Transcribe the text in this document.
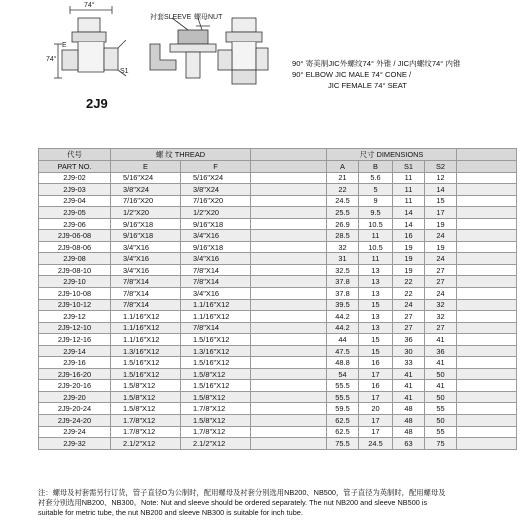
74°
74°
E
S1
衬套SLEEVE 螺母NUT
2J9
90° 寄美制JIC外螺纹74° 外锥 / JIC内螺纹74° 内锥
90° ELBOW JIC MALE 74° CONE /
JIC FEMALE 74° SEAT
代号	螺 纹 THREAD			尺寸 DIMENSIONS				
PART NO.	E	F		A	B	S1	S2	
2J9-02	5/16"X24	5/16"X24		21	5.6	11	12	
2J9-03	3/8"X24	3/8"X24		22	5	11	14	
2J9-04	7/16"X20	7/16"X20		24.5	9	11	15	
2J9-05	1/2"X20	1/2"X20		25.5	9.5	14	17	
2J9-06	9/16"X18	9/16"X18		26.9	10.5	14	19	
2J9-06-08	9/16"X18	3/4"X16		28.5	11	16	24	
2J9-08-06	3/4"X16	9/16"X18		32	10.5	19	19	
2J9-08	3/4"X16	3/4"X16		31	11	19	24	
2J9-08-10	3/4"X16	7/8"X14		32.5	13	19	27	
2J9-10	7/8"X14	7/8"X14		37.8	13	22	27	
2J9-10-08	7/8"X14	3/4"X16		37.8	13	22	24	
2J9-10-12	7/8"X14	1.1/16"X12		39.5	15	24	32	
2J9-12	1.1/16"X12	1.1/16"X12		44.2	13	27	32	
2J9-12-10	1.1/16"X12	7/8"X14		44.2	13	27	27	
2J9-12-16	1.1/16"X12	1.5/16"X12		44	15	36	41	
2J9-14	1.3/16"X12	1.3/16"X12		47.5	15	30	36	
2J9-16	1.5/16"X12	1.5/16"X12		48.8	16	33	41	
2J9-16-20	1.5/16"X12	1.5/8"X12		54	17	41	50	
2J9-20-16	1.5/8"X12	1.5/16"X12		55.5	16	41	41	
2J9-20	1.5/8"X12	1.5/8"X12		55.5	17	41	50	
2J9-20-24	1.5/8"X12	1.7/8"X12		59.5	20	48	55	
2J9-24-20	1.7/8"X12	1.5/8"X12		62.5	17	48	50	
2J9-24	1.7/8"X12	1.7/8"X12		62.5	17	48	55	
2J9-32	2.1/2"X12	2.1/2"X12		75.5	24.5	63	75	
注：螺母及衬套需另行订货，管子直径D为公制时，配用螺母及衬套分别选用NB200、NB500，管子直径为英制时，配用螺母及
衬套分别选用NB200、NB300。Note: Nut and sleeve should be ordered separately. The nut NB200 and sleeve NB500 is
suitable for metric tube, the nut NB200 and sleeve NB300 is suitable for inch tube.
